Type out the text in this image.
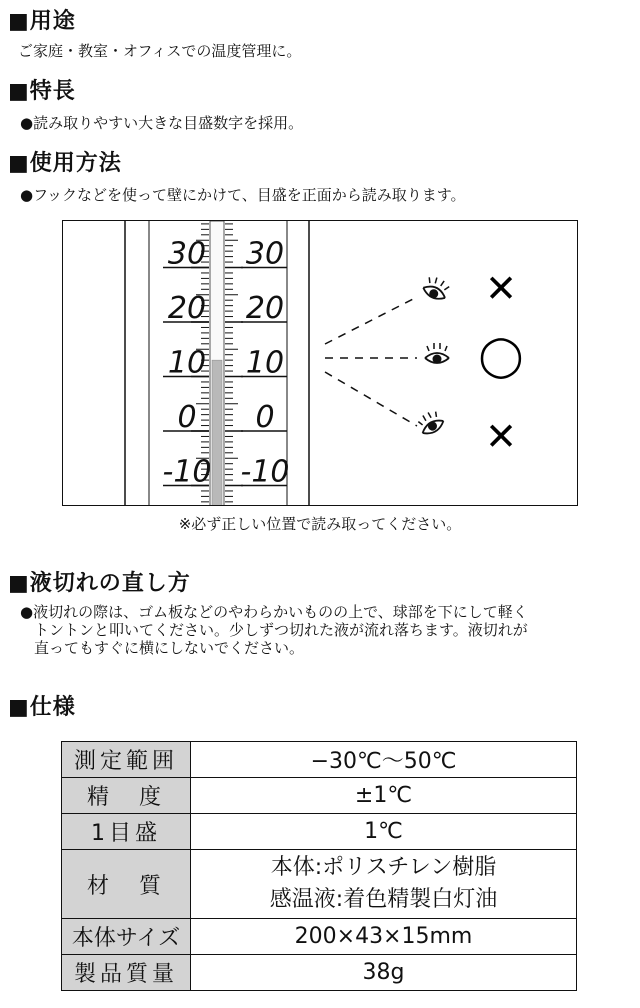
■用途
ご家庭・教室・オフィスでの温度管理に。
■特長
●読み取りやすい大きな目盛数字を採用。
■使用方法
●フックなどを使って壁にかけて、目盛を正面から読み取ります。
30
20
10
0
-10
30
20
10
0
-10
✕
◯
✕
※必ず正しい位置で読み取ってください。
■液切れの直し方
●液切れの際は、ゴム板などのやわらかいものの上で、球部を下にして軽く
トントンと叩いてください。少しずつ切れた液が流れ落ちます。液切れが
直ってもすぐに横にしないでください。
■仕様
測定範囲	−30℃〜50℃
精　度	±1℃
1目盛	1℃
材　質	本体:ポリスチレン樹脂
感温液:着色精製白灯油

本体サイズ	200×43×15mm
製品質量	38g
